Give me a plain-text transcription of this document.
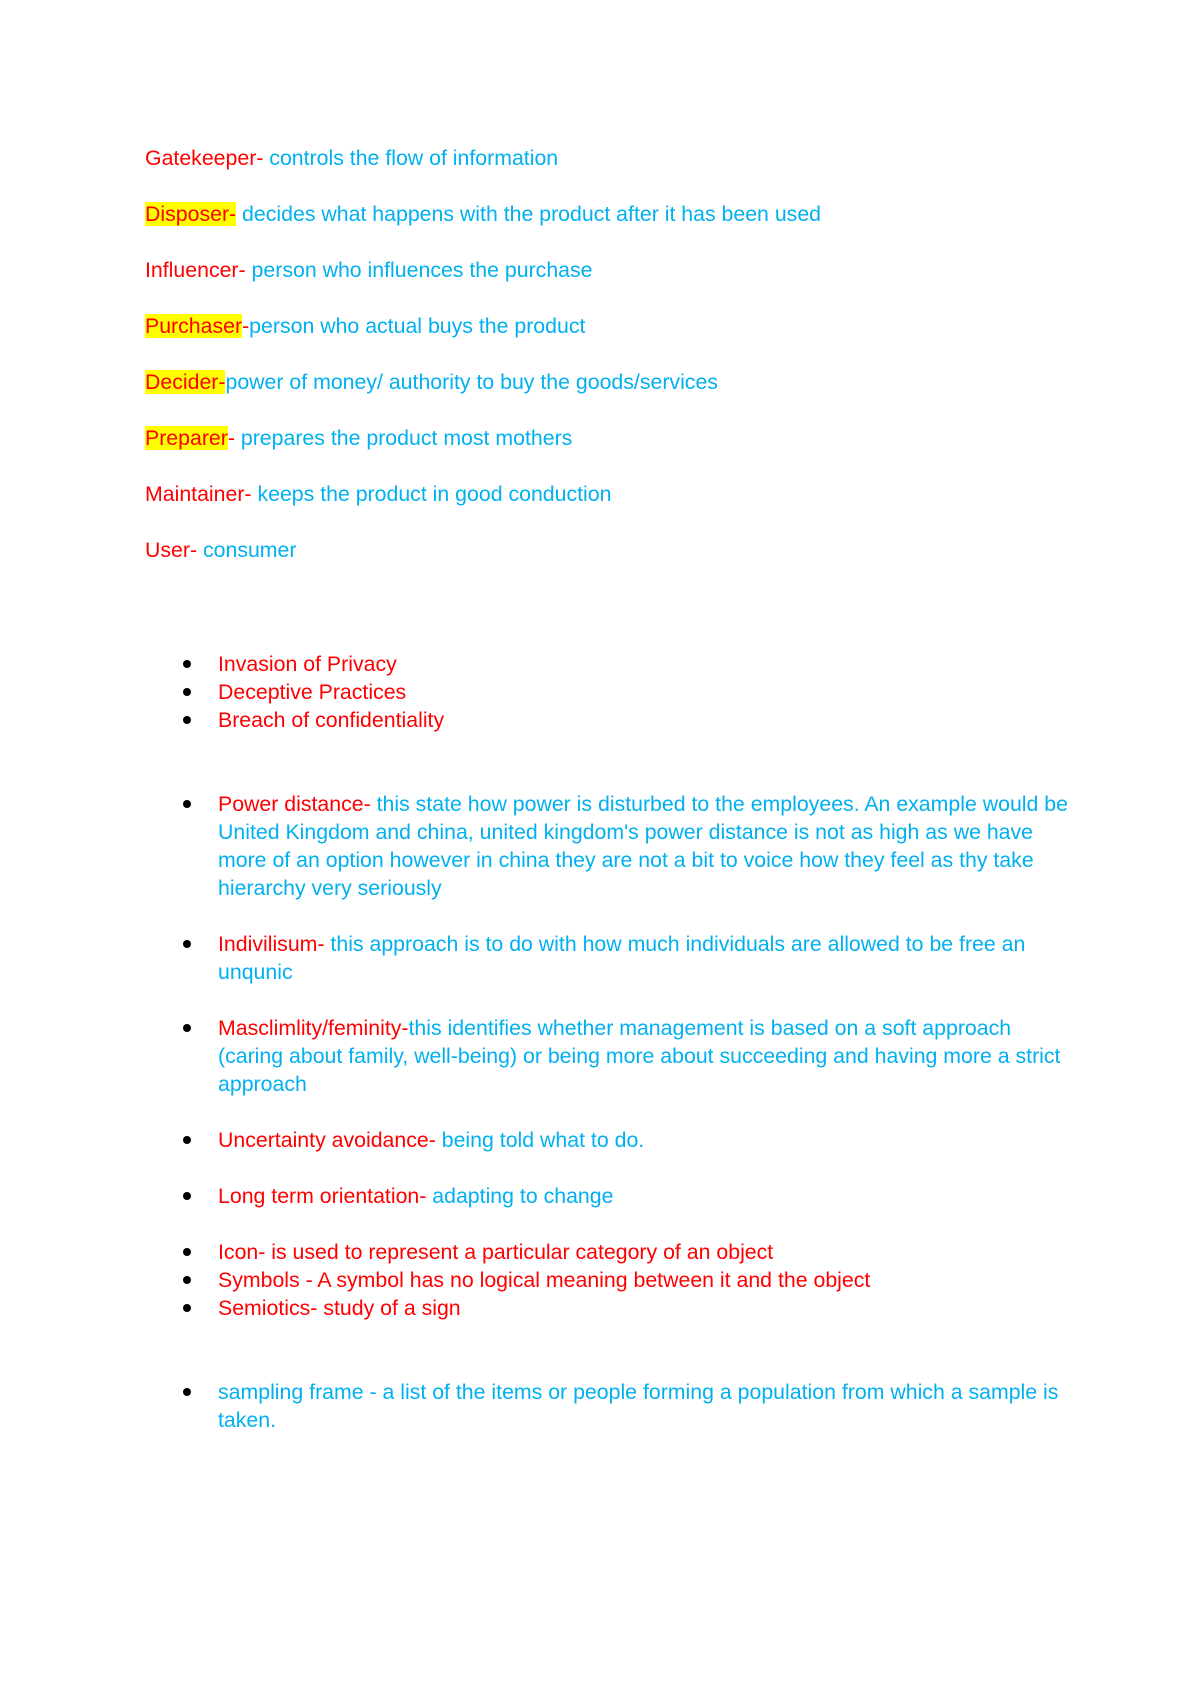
Gatekeeper- controls the flow of information

Disposer- decides what happens with the product after it has been used

Influencer- person who influences the purchase

Purchaser-person who actual buys the product

Decider-power of money/ authority to buy the goods/services

Preparer- prepares the product most mothers

Maintainer- keeps the product in good conduction

User- consumer

Invasion of Privacy
Deceptive Practices
Breach of confidentiality
Power distance- this state how power is disturbed to the employees. An example would be United Kingdom and china, united kingdom's power distance is not as high as we have more of an option however in china they are not a bit to voice how they feel as thy take hierarchy very seriously
Indivilisum- this approach is to do with how much individuals are allowed to be free an unqunic
Masclimlity/feminity-this identifies whether management is based on a soft approach (caring about family, well-being) or being more about succeeding and having more a strict approach
Uncertainty avoidance- being told what to do.
Long term orientation- adapting to change
Icon- is used to represent a particular category of an object
Symbols - A symbol has no logical meaning between it and the object
Semiotics- study of a sign
sampling frame - a list of the items or people forming a population from which a sample is taken.
